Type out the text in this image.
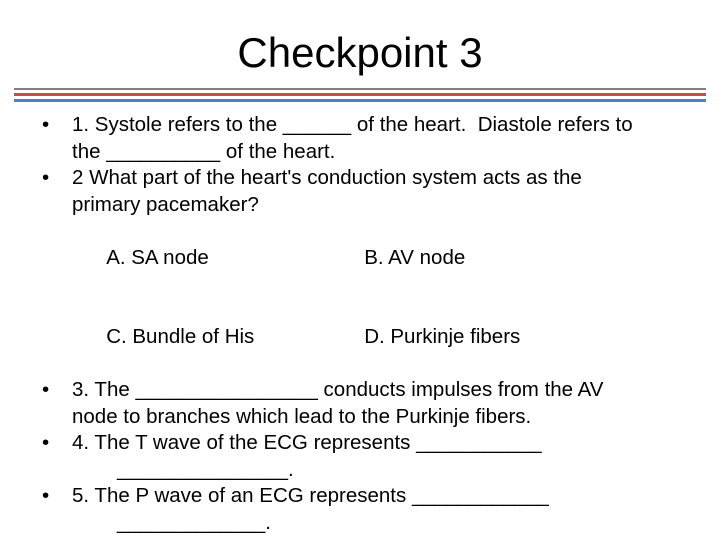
Checkpoint 3
•	1. Systole refers to the ______ of the heart.  Diastole refers to
the __________ of the heart.
•	2 What part of the heart's conduction system acts as the
primary pacemaker?

A. SA node	B. AV node

C. Bundle of His	D. Purkinje fibers

•	3. The ________________ conducts impulses from the AV
node to branches which lead to the Purkinje fibers.
•	4. The T wave of the ECG represents ___________
_______________.
•	5. The P wave of an ECG represents ____________
_____________.
